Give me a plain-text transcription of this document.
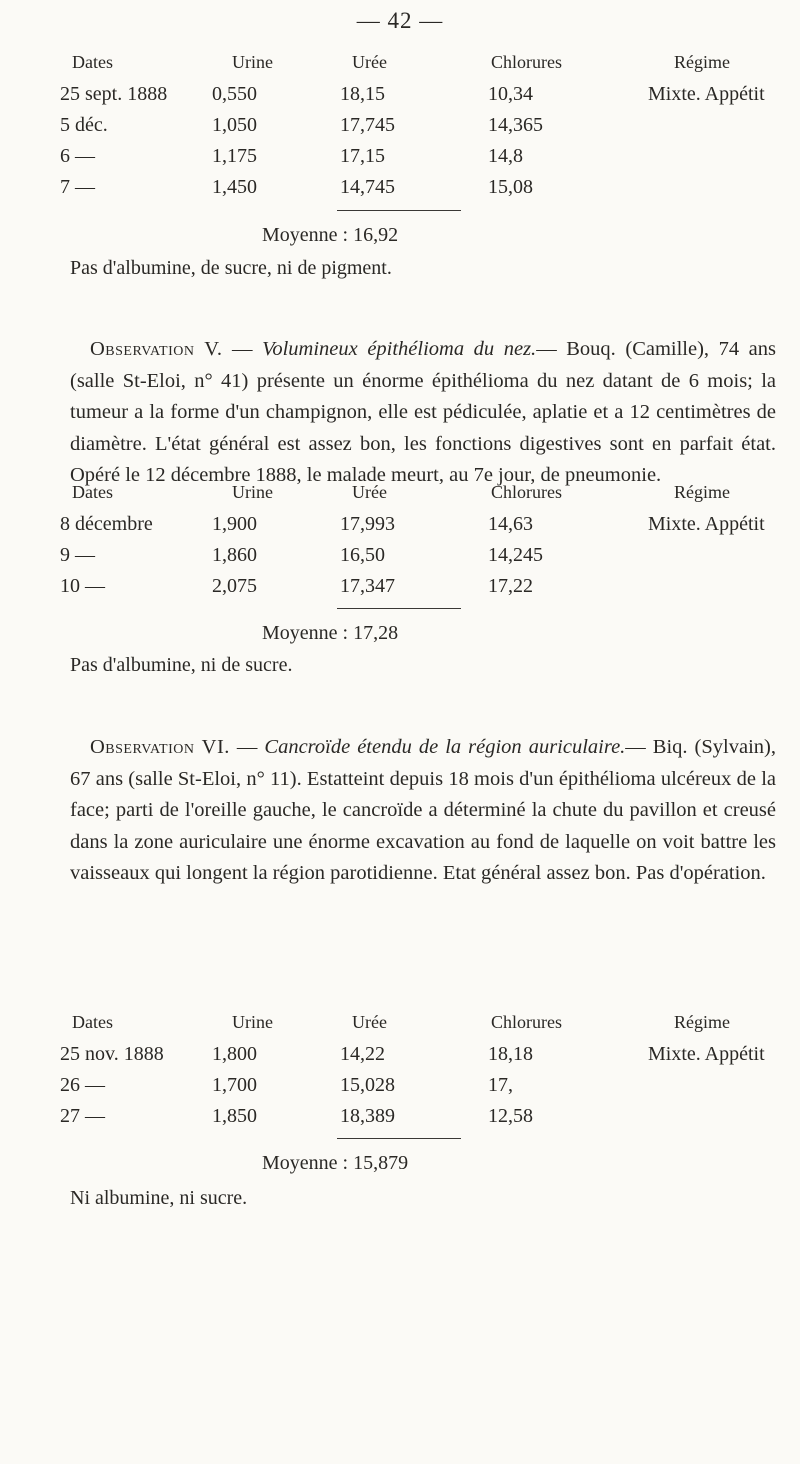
— 42 —
Dates	Urine	Urée	Chlorures	Régime
25 sept. 1888 0,550	18,15	10,34	Mixte. Appétit
5 déc.	1,050	17,745	14,365
6 —	1,175	17,15	14,8
7 —	1,450	14,745	15,08
Moyenne : 16,92
Pas d'albumine, de sucre, ni de pigment.

Observation V. — Volumineux épithélioma du nez.— Bouq. (Camille), 74 ans (salle St-Eloi, n° 41) présente un énorme épithélioma du nez datant de 6 mois; la tumeur a la forme d'un champignon, elle est pédiculée, aplatie et a 12 centimètres de diamètre. L'état général est assez bon, les fonctions digestives sont en parfait état. Opéré le 12 décembre 1888, le malade meurt, au 7e jour, de pneumonie.

Dates	Urine	Urée	Chlorures	Régime
8 décembre	1,900	17,993	14,63	Mixte. Appétit
9 —	1,860	16,50	14,245
10 —	2,075	17,347	17,22
Moyenne : 17,28
Pas d'albumine, ni de sucre.

Observation VI. — Cancroïde étendu de la région auriculaire.— Biq. (Sylvain), 67 ans (salle St-Eloi, n° 11). Estatteint depuis 18 mois d'un épithélioma ulcéreux de la face; parti de l'oreille gauche, le cancroïde a déterminé la chute du pavillon et creusé dans la zone auriculaire une énorme excavation au fond de laquelle on voit battre les vaisseaux qui longent la région parotidienne. Etat général assez bon. Pas d'opération.

Dates	Urine	Urée	Chlorures	Régime
25 nov. 1888 1,800	14,22	18,18	Mixte. Appétit
26 —	1,700	15,028	17,
27 —	1,850	18,389	12,58
Moyenne : 15,879
Ni albumine, ni sucre.
